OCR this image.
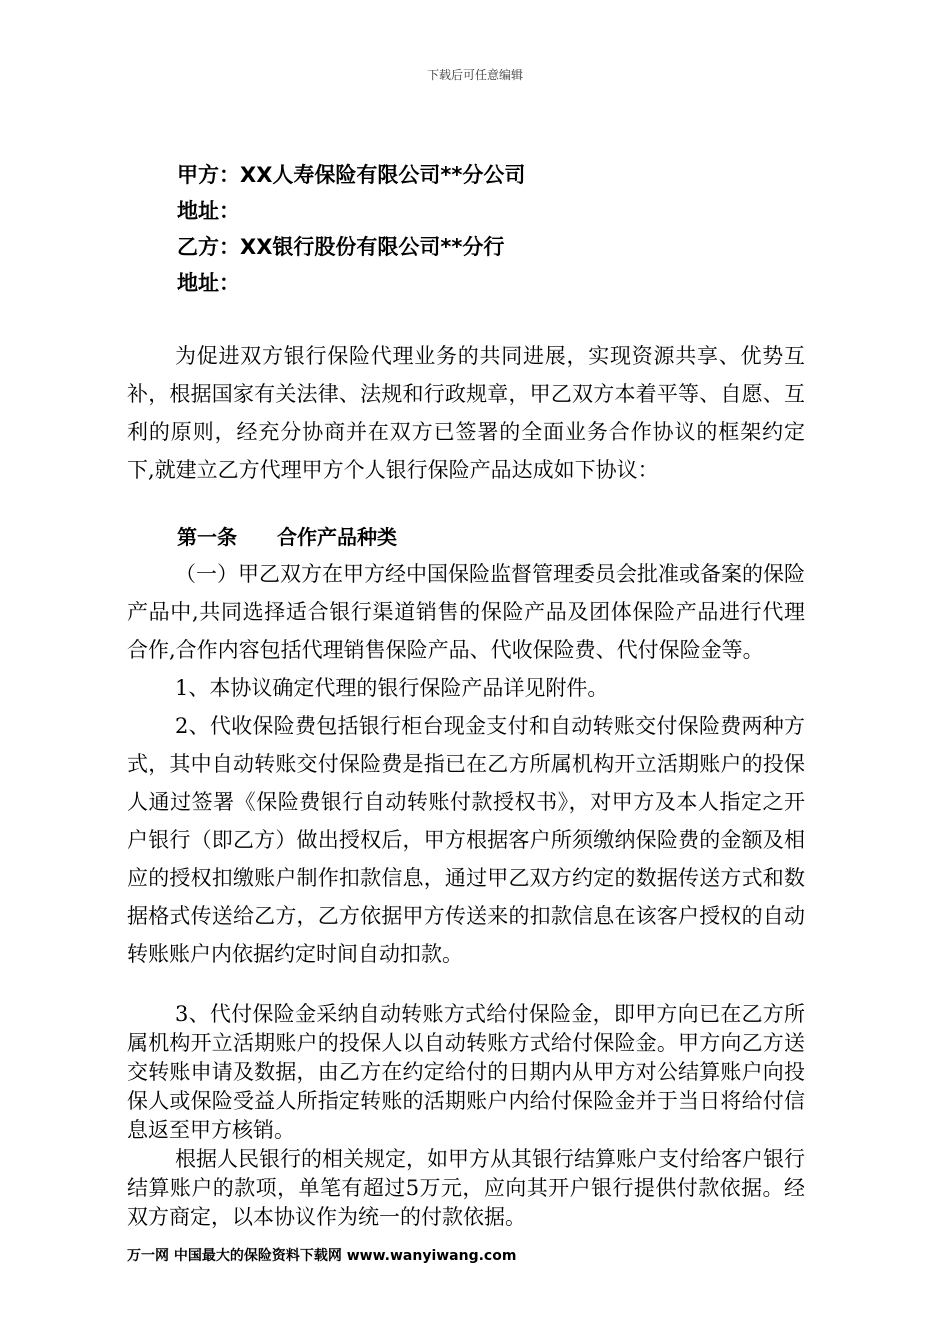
下载后可任意编辑
甲方：XX人寿保险有限公司**分公司
地址：
乙方：XX银行股份有限公司**分行
地址：

为促进双方银行保险代理业务的共同进展，实现资源共享、优势互补，根据国家有关法律、法规和行政规章，甲乙双方本着平等、自愿、互利的原则，经充分协商并在双方已签署的全面业务合作协议的框架约定下,就建立乙方代理甲方个人银行保险产品达成如下协议：

第一条 合作产品种类

（一）甲乙双方在甲方经中国保险监督管理委员会批准或备案的保险产品中,共同选择适合银行渠道销售的保险产品及团体保险产品进行代理合作,合作内容包括代理销售保险产品、代收保险费、代付保险金等。

1、本协议确定代理的银行保险产品详见附件。

2、代收保险费包括银行柜台现金支付和自动转账交付保险费两种方式，其中自动转账交付保险费是指已在乙方所属机构开立活期账户的投保人通过签署《保险费银行自动转账付款授权书》，对甲方及本人指定之开户银行（即乙方）做出授权后，甲方根据客户所须缴纳保险费的金额及相应的授权扣缴账户制作扣款信息，通过甲乙双方约定的数据传送方式和数据格式传送给乙方，乙方依据甲方传送来的扣款信息在该客户授权的自动转账账户内依据约定时间自动扣款。

3、代付保险金采纳自动转账方式给付保险金，即甲方向已在乙方所属机构开立活期账户的投保人以自动转账方式给付保险金。甲方向乙方送交转账申请及数据，由乙方在约定给付的日期内从甲方对公结算账户向投保人或保险受益人所指定转账的活期账户内给付保险金并于当日将给付信息返至甲方核销。

根据人民银行的相关规定，如甲方从其银行结算账户支付给客户银行结算账户的款项，单笔有超过5万元，应向其开户银行提供付款依据。经双方商定，以本协议作为统一的付款依据。

万一网 中国最大的保险资料下载网 www.wanyiwang.com
